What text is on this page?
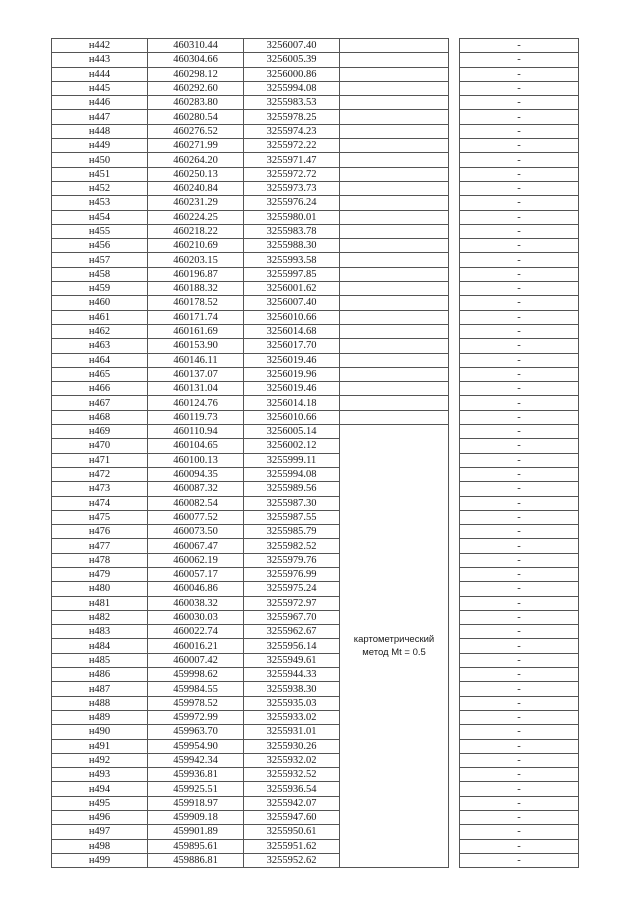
н442	460310.44	3256007.40			-
н443	460304.66	3256005.39			-
н444	460298.12	3256000.86			-
н445	460292.60	3255994.08			-
н446	460283.80	3255983.53			-
н447	460280.54	3255978.25			-
н448	460276.52	3255974.23			-
н449	460271.99	3255972.22			-
н450	460264.20	3255971.47			-
н451	460250.13	3255972.72			-
н452	460240.84	3255973.73			-
н453	460231.29	3255976.24			-
н454	460224.25	3255980.01			-
н455	460218.22	3255983.78			-
н456	460210.69	3255988.30			-
н457	460203.15	3255993.58			-
н458	460196.87	3255997.85			-
н459	460188.32	3256001.62			-
н460	460178.52	3256007.40			-
н461	460171.74	3256010.66			-
н462	460161.69	3256014.68			-
н463	460153.90	3256017.70			-
н464	460146.11	3256019.46			-
н465	460137.07	3256019.96			-
н466	460131.04	3256019.46			-
н467	460124.76	3256014.18			-
н468	460119.73	3256010.66			-
н469	460110.94	3256005.14	картометрический
метод Mt = 0.5		-
н470	460104.65	3256002.12			-
н471	460100.13	3255999.11			-
н472	460094.35	3255994.08			-
н473	460087.32	3255989.56			-
н474	460082.54	3255987.30			-
н475	460077.52	3255987.55			-
н476	460073.50	3255985.79			-
н477	460067.47	3255982.52			-
н478	460062.19	3255979.76			-
н479	460057.17	3255976.99			-
н480	460046.86	3255975.24			-
н481	460038.32	3255972.97			-
н482	460030.03	3255967.70			-
н483	460022.74	3255962.67			-
н484	460016.21	3255956.14			-
н485	460007.42	3255949.61			-
н486	459998.62	3255944.33			-
н487	459984.55	3255938.30			-
н488	459978.52	3255935.03			-
н489	459972.99	3255933.02			-
н490	459963.70	3255931.01			-
н491	459954.90	3255930.26			-
н492	459942.34	3255932.02			-
н493	459936.81	3255932.52			-
н494	459925.51	3255936.54			-
н495	459918.97	3255942.07			-
н496	459909.18	3255947.60			-
н497	459901.89	3255950.61			-
н498	459895.61	3255951.62			-
н499	459886.81	3255952.62			-
